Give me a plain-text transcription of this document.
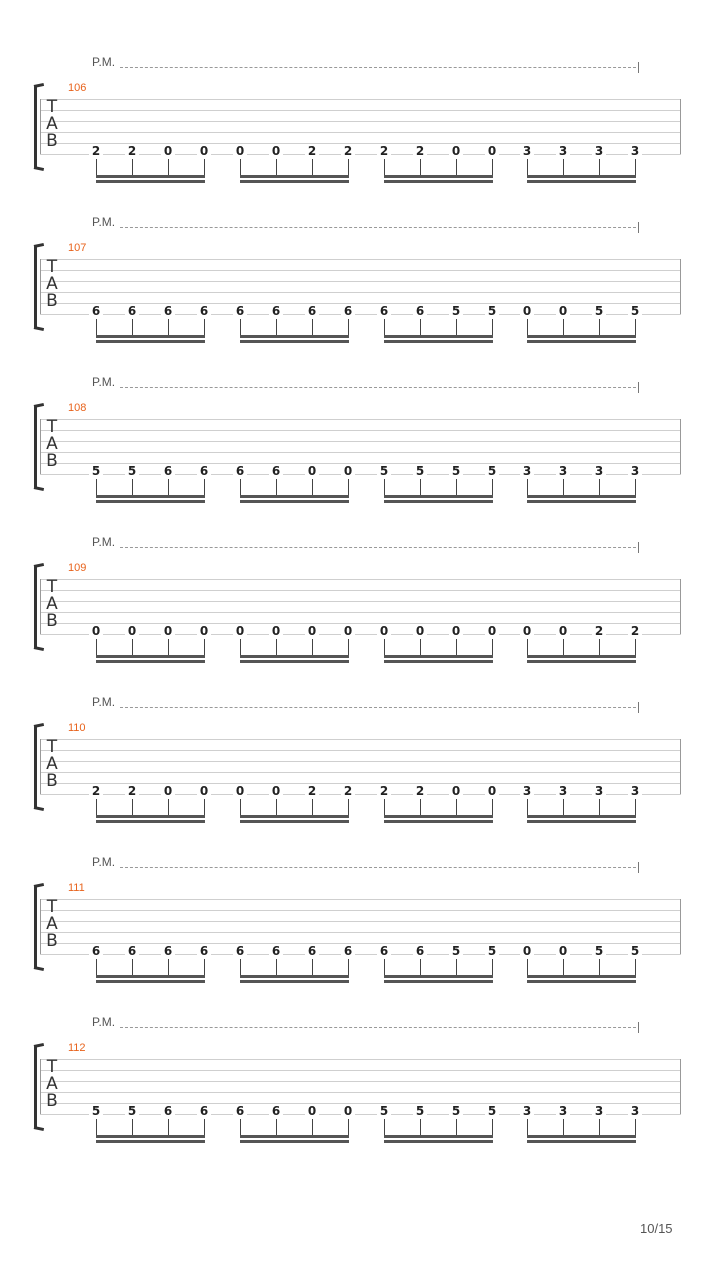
P.M.
106
T
A
B	2 2 0 0 0 0 2 2 2 2 0 0 3 3 3 3
P.M.
107
T
A
B	6 6 6 6 6 6 6 6 6 6 5 5 0 0 5 5
P.M.
108
T
A
B	5 5 6 6 6 6 0 0 5 5 5 5 3 3 3 3
P.M.
109
T
A
B	0 0 0 0 0 0 0 0 0 0 0 0 0 0 2 2
P.M.
110
T
A
B	2 2 0 0 0 0 2 2 2 2 0 0 3 3 3 3
P.M.
111
T
A
B	6 6 6 6 6 6 6 6 6 6 5 5 0 0 5 5
P.M.
112
T
A
B	5 5 6 6 6 6 0 0 5 5 5 5 3 3 3 3
10/15
